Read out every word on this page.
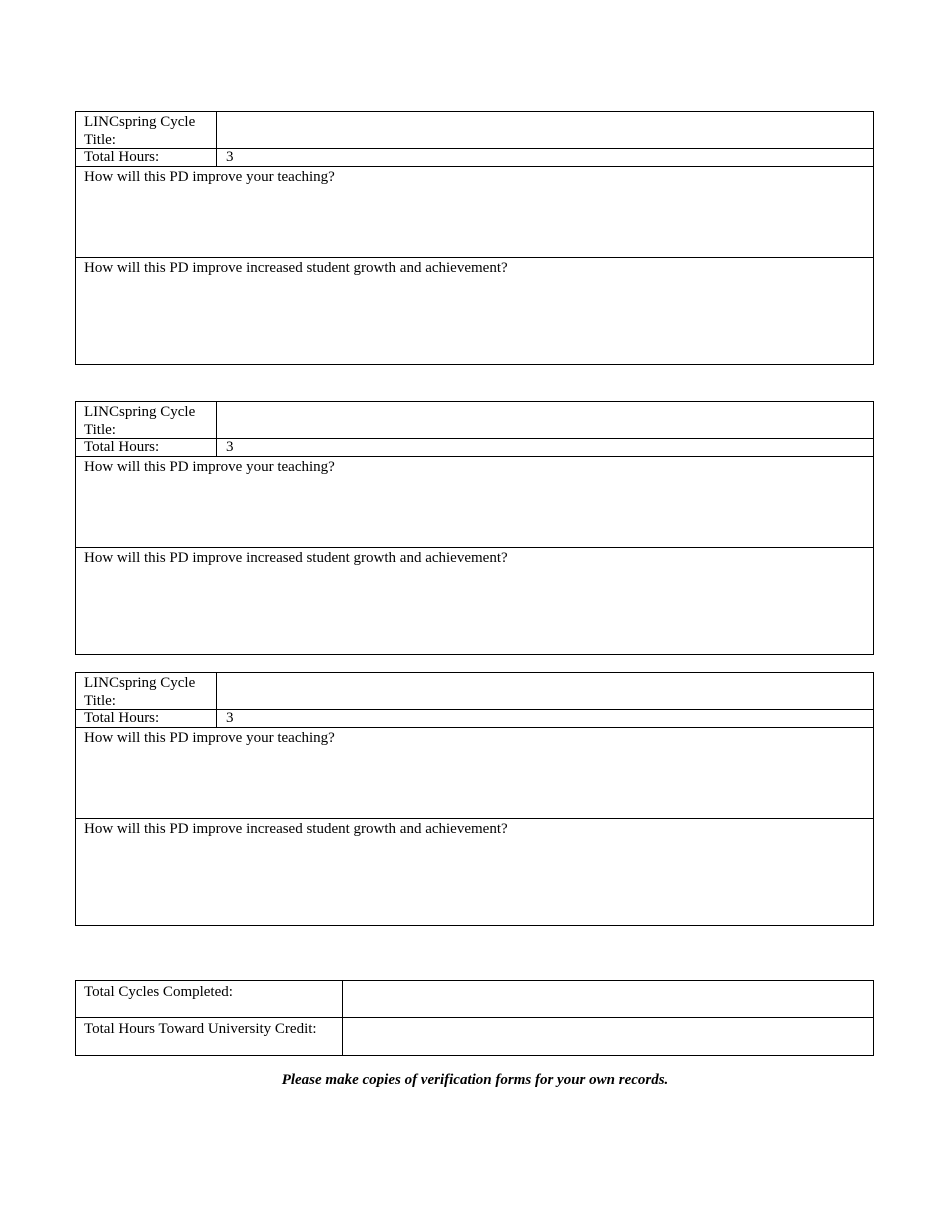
LINCspring Cycle Title:
Total Hours:	3
How will this PD improve your teaching?
How will this PD improve increased student growth and achievement?
LINCspring Cycle Title:
Total Hours:	3
How will this PD improve your teaching?
How will this PD improve increased student growth and achievement?
LINCspring Cycle Title:
Total Hours:	3
How will this PD improve your teaching?
How will this PD improve increased student growth and achievement?
Total Cycles Completed:
Total Hours Toward University Credit:
Please make copies of verification forms for your own records.
